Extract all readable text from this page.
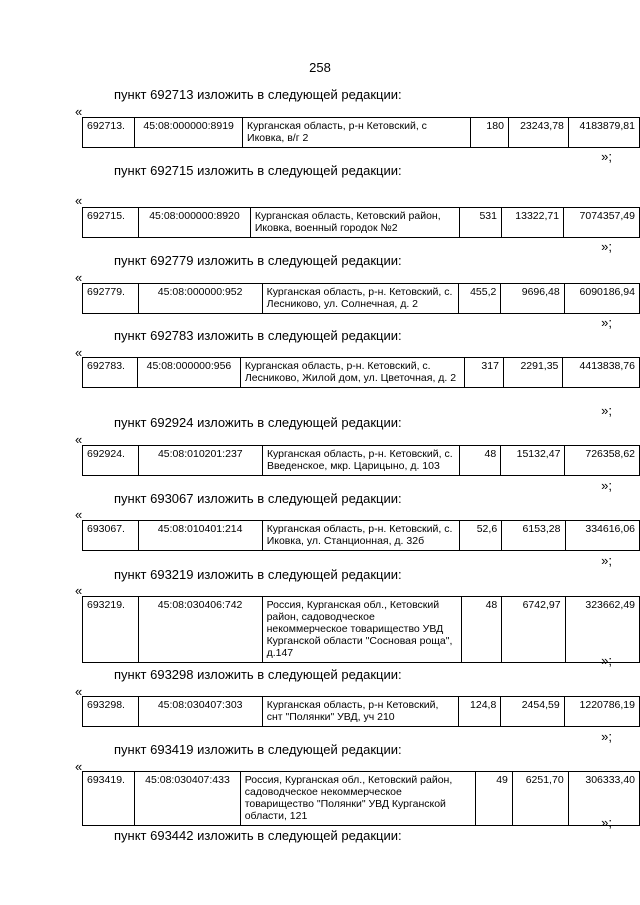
258
пункт 692713 изложить в следующей редакции:
«
692713.	45:08:000000:8919	Курганская область, р-н Кетовский, с Иковка, в/г 2	180	23243,78	4183879,81
»;
пункт 692715 изложить в следующей редакции:
«
692715.	45:08:000000:8920	Курганская область, Кетовский район, Иковка, военный городок №2	531	13322,71	7074357,49
»;
пункт 692779 изложить в следующей редакции:
«
692779.	45:08:000000:952	Курганская область, р-н. Кетовский, с. Лесниково, ул. Солнечная, д. 2	455,2	9696,48	6090186,94
»;
пункт 692783 изложить в следующей редакции:
«
692783.	45:08:000000:956	Курганская область, р-н. Кетовский, с. Лесниково, Жилой дом, ул. Цветочная, д. 2	317	2291,35	4413838,76
»;
пункт 692924 изложить в следующей редакции:
«
692924.	45:08:010201:237	Курганская область, р-н. Кетовский, с. Введенское, мкр. Царицыно, д. 103	48	15132,47	726358,62
»;
пункт 693067 изложить в следующей редакции:
«
693067.	45:08:010401:214	Курганская область, р-н. Кетовский, с. Иковка, ул. Станционная, д. 32б	52,6	6153,28	334616,06
»;
пункт 693219 изложить в следующей редакции:
«
693219.	45:08:030406:742	Россия, Курганская обл., Кетовский район, садоводческое некоммерческое товарищество УВД Курганской области "Сосновая роща", д.147	48	6742,97	323662,49
»;
пункт 693298 изложить в следующей редакции:
«
693298.	45:08:030407:303	Курганская область, р-н Кетовский, снт "Полянки" УВД, уч 210	124,8	2454,59	1220786,19
»;
пункт 693419 изложить в следующей редакции:
«
693419.	45:08:030407:433	Россия, Курганская обл., Кетовский район, садоводческое некоммерческое товарищество "Полянки" УВД Курганской области, 121	49	6251,70	306333,40
»;
пункт 693442 изложить в следующей редакции:
